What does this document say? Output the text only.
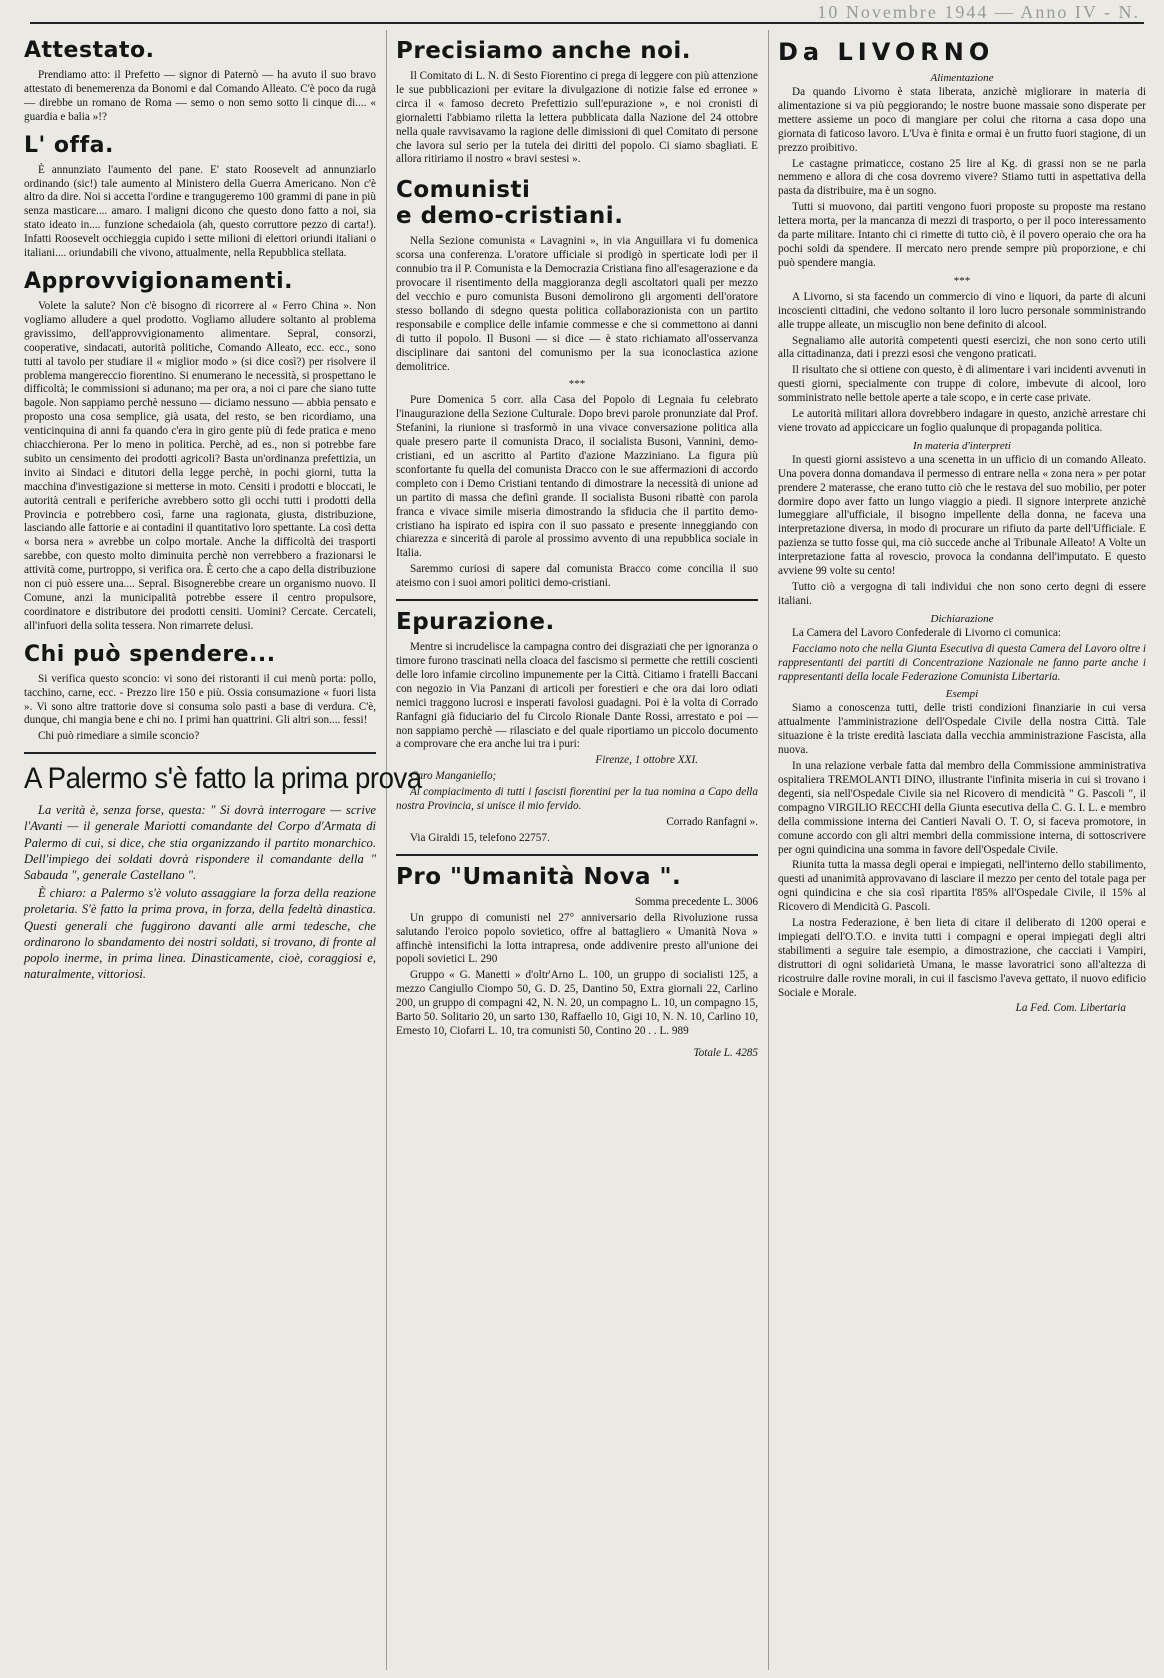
10 Novembre 1944 — Anno IV - N.
Attestato.

Prendiamo atto: il Prefetto — signor di Paternò — ha avuto il suo bravo attestato di benemerenza da Bonomi e dal Comando Alleato. C'è poco da rugà — direbbe un romano de Roma — semo o non semo sotto li cinque di.... « guardia e balia »!?

L' offa.

È annunziato l'aumento del pane. E' stato Roosevelt ad annunziarlo ordinando (sic!) tale aumento al Ministero della Guerra Americano. Non c'è altro da dire. Noi si accetta l'ordine e trangugeremo 100 grammi di pane in più senza masticare.... amaro. I maligni dicono che questo dono fatto a noi, sia stato ideato in.... funzione schedaiola (ah, questo corruttore pezzo di carta!). Infatti Roosevelt occhieggia cupido i sette milioni di elettori oriundi italiani o italiani.... oriundabili che vivono, attualmente, nella Repubblica stellata.

Approvvigionamenti.

Volete la salute? Non c'è bisogno di ricorrere al « Ferro China ». Non vogliamo alludere a quel prodotto. Vogliamo alludere soltanto al problema gravissimo, dell'approvvigionamento alimentare. Sepral, consorzi, cooperative, sindacati, autorità politiche, Comando Alleato, ecc. ecc., sono tutti al tavolo per studiare il « miglior modo » (si dice così?) per risolvere il problema mangereccio fiorentino. Si enumerano le necessità, si prospettano le difficoltà; le commissioni si adunano; ma per ora, a noi ci pare che siano tutte bagole. Non sappiamo perchè nessuno — diciamo nessuno — abbia pensato e proposto una cosa semplice, già usata, del resto, se ben ricordiamo, una venticinquina di anni fa quando c'era in giro gente più di fede pratica e meno chiacchierona. Per lo meno in politica. Perchè, ad es., non si potrebbe fare subito un censimento dei prodotti agricoli? Basta un'ordinanza prefettizia, un invito ai Sindaci e ditutori della legge perchè, in pochi giorni, tutta la macchina d'investigazione si metterse in moto. Censiti i prodotti e bloccati, le autorità centrali e periferiche avrebbero sotto gli occhi tutti i prodotti della Provincia e potrebbero così, farne una ragionata, giusta, distribuzione, lasciando alle fattorie e ai contadini il quantitativo loro spettante. La così detta « borsa nera » avrebbe un colpo mortale. Anche la difficoltà dei trasporti sarebbe, con questo molto diminuita perchè non verrebbero a frazionarsi le attività come, purtroppo, si verifica ora. È certo che a capo della distribuzione non ci può essere una.... Sepral. Bisognerebbe creare un organismo nuovo. Il Comune, anzi la municipalità potrebbe essere il centro propulsore, coordinatore e distributore dei prodotti censiti. Uomini? Cercate. Cercateli, all'infuori della solita tessera. Non rimarrete delusi.

Chi può spendere...

Si verifica questo sconcio: vi sono dei ristoranti il cui menù porta: pollo, tacchino, carne, ecc. - Prezzo lire 150 e più. Ossia consumazione « fuori lista ». Vi sono altre trattorie dove si consuma solo pasti a base di verdura. C'è, dunque, chi mangia bene e chi no. I primi han quattrini. Gli altri son.... fessi!

Chi può rimediare a simile sconcio?

A Palermo s'è fatto la prima prova

La verità è, senza forse, questa: " Si dovrà interrogare — scrive l'Avanti — il generale Mariotti comandante del Corpo d'Armata di Palermo di cui, si dice, che stia organizzando il partito monarchico. Dell'impiego dei soldati dovrà rispondere il comandante della " Sabauda ", generale Castellano ".

È chiaro: a Palermo s'è voluto assaggiare la forza della reazione proletaria. S'è fatto la prima prova, in forza, della fedeltà dinastica. Questi generali che fuggirono davanti alle armi tedesche, che ordinarono lo sbandamento dei nostri soldati, si trovano, di fronte al popolo inerme, in prima linea. Dinasticamente, cioè, coraggiosi e, naturalmente, vittoriosi.

Precisiamo anche noi.

Il Comitato di L. N. di Sesto Fiorentino ci prega di leggere con più attenzione le sue pubblicazioni per evitare la divulgazione di notizie false ed erronee » circa il « famoso decreto Prefettizio sull'epurazione », e noi cronisti di giornaletti l'abbiamo riletta la lettera pubblicata dalla Nazione del 24 ottobre nella quale ravvisavamo la ragione delle dimissioni di quel Comitato di persone che lavora sul serio per la tutela dei diritti del popolo. Ci siamo sbagliati. E allora ritiriamo il nostro « bravi sestesi ».

Comunisti
e demo-cristiani.

Nella Sezione comunista « Lavagnini », in via Anguillara vi fu domenica scorsa una conferenza. L'oratore ufficiale si prodigò in sperticate lodi per il connubio tra il P. Comunista e la Democrazia Cristiana fino all'esagerazione e da provocare il risentimento della maggioranza degli ascoltatori quali per mezzo del vecchio e puro comunista Busoni demolirono gli argomenti dell'oratore stesso bollando di sdegno questa politica collaborazionista con un partito responsabile e complice delle infamie commesse e che si commettono ai danni di tutto il popolo. Il Busoni — si dice — è stato richiamato all'osservanza disciplinare dai santoni del comunismo per la sua iconoclastica azione demolitrice.

***

Pure Domenica 5 corr. alla Casa del Popolo di Legnaia fu celebrato l'inaugurazione della Sezione Culturale. Dopo brevi parole pronunziate dal Prof. Stefanini, la riunione si trasformò in una vivace conversazione politica alla quale presero parte il comunista Draco, il socialista Busoni, Vannini, demo-cristiani, ed un ascritto al Partito d'azione Mazziniano. La figura più sconfortante fu quella del comunista Dracco con le sue affermazioni di accordo completo con i Demo Cristiani tentando di dimostrare la necessità di unione ad un partito di massa che definì grande. Il socialista Busoni ribattè con parola franca e vivace simile miseria dimostrando la sfiducia che il partito demo-cristiano ha ispirato ed ispira con il suo passato e presente inneggiando con chiarezza e sincerità di parole al prossimo avvento di una repubblica sociale in Italia.

Saremmo curiosi di sapere dal comunista Bracco come concilia il suo ateismo con i suoi amori politici demo-cristiani.

Epurazione.

Mentre si incrudelisce la campagna contro dei disgraziati che per ignoranza o timore furono trascinati nella cloaca del fascismo si permette che rettili coscienti delle loro infamie circolino impunemente per la Città. Citiamo i fratelli Baccani con negozio in Via Panzani di articoli per forestieri e che ora dai loro odiati nemici traggono lucrosi e insperati favolosi guadagni. Poi è la volta di Corrado Ranfagni già fiduciario del fu Circolo Rionale Dante Rossi, arrestato e poi — non sappiamo perchè — rilasciato e del quale riportiamo un piccolo documento a comprovare che era anche lui tra i puri:

Firenze, 1 ottobre XXI.

Caro Manganiello;

Al compiacimento di tutti i fascisti fiorentini per la tua nomina a Capo della nostra Provincia, si unisce il mio fervido.

Corrado Ranfagni ».

Via Giraldi 15, telefono 22757.

Pro "Umanità Nova ".

Somma precedente L. 3006

Un gruppo di comunisti nel 27° anniversario della Rivoluzione russa salutando l'eroico popolo sovietico, offre al battagliero « Umanità Nova » affinchè intensifichi la lotta intrapresa, onde addivenire presto all'unione dei popoli sovietici L. 290

Gruppo « G. Manetti » d'oltr'Arno L. 100, un gruppo di socialisti 125, a mezzo Cangiullo Ciompo 50, G. D. 25, Dantino 50, Extra giornali 22, Carlino 200, un gruppo di compagni 42, N. N. 20, un compagno L. 10, un compagno 15, Barto 50. Solitario 20, un sarto 130, Raffaello 10, Gigi 10, N. N. 10, Carlino 10, Ernesto 10, Ciofarri L. 10, tra comunisti 50, Contino 20 . . L. 989

Totale L. 4285

Da LIVORNO
Alimentazione

Da quando Livorno è stata liberata, anzichè migliorare in materia di alimentazione si va più peggiorando; le nostre buone massaie sono disperate per mettere assieme un poco di mangiare per colui che ritorna a casa dopo una giornata di faticoso lavoro. L'Uva è finita e ormai è un frutto fuori stagione, di un prezzo proibitivo.

Le castagne primaticce, costano 25 lire al Kg. di grassi non se ne parla nemmeno e allora di che cosa dovremo vivere? Stiamo tutti in aspettativa della pasta da distribuire, ma è un sogno.

Tutti si muovono, dai partiti vengono fuori proposte su proposte ma restano lettera morta, per la mancanza di mezzi di trasporto, o per il poco interessamento da parte militare. Intanto chi ci rimette di tutto ciò, è il povero operaio che ora ha pochi soldi da spendere. Il mercato nero prende sempre più proporzione, e chi può spendere mangia.

***

A Livorno, si sta facendo un commercio di vino e liquori, da parte di alcuni incoscienti cittadini, che vedono soltanto il loro lucro personale somministrando alle truppe alleate, un miscuglio non bene definito di alcool.

Segnaliamo alle autorità competenti questi esercizi, che non sono certo utili alla cittadinanza, dati i prezzi esosi che vengono praticati.

Il risultato che si ottiene con questo, è di alimentare i vari incidenti avvenuti in questi giorni, specialmente con truppe di colore, imbevute di alcool, loro somministrato nelle bettole aperte a tale scopo, e in certe case private.

Le autorità militari allora dovrebbero indagare in questo, anzichè arrestare chi viene trovato ad appiccicare un foglio qualunque di propaganda politica.

In materia d'interpreti

In questi giorni assistevo a una scenetta in un ufficio di un comando Alleato. Una povera donna domandava il permesso di entrare nella « zona nera » per potar prendere 2 materasse, che erano tutto ciò che le restava del suo mobilio, per poter dormire dopo aver fatto un lungo viaggio a piedi. Il signore interprete anzichè lumeggiare all'ufficiale, il bisogno impellente della donna, ne faceva una interpretazione diversa, in modo di procurare un rifiuto da parte dell'Ufficiale. E pazienza se tutto fosse qui, ma ciò succede anche al Tribunale Alleato! A Volte un interpretazione fatta al rovescio, provoca la condanna dell'imputato. E questo avviene 99 volte su cento!

Tutto ciò a vergogna di tali individui che non sono certo degni di essere italiani.

Dichiarazione

La Camera del Lavoro Confederale di Livorno ci comunica:

Facciamo noto che nella Giunta Esecutiva di questa Camera del Lavoro oltre i rappresentanti dei partiti di Concentrazione Nazionale ne fanno parte anche i rappresentanti della locale Federazione Comunista Libertaria.

Esempi

Siamo a conoscenza tutti, delle tristi condizioni finanziarie in cui versa attualmente l'amministrazione dell'Ospedale Civile della nostra Città. Tale situazione è la triste eredità lasciata dalla vecchia amministrazione Fascista, alla nuova.

In una relazione verbale fatta dal membro della Commissione amministrativa ospitaliera TREMOLANTI DINO, illustrante l'infinita miseria in cui si trovano i degenti, sia nell'Ospedale Civile sia nel Ricovero di mendicità " G. Pascoli ", il compagno VIRGILIO RECCHI della Giunta esecutiva della C. G. I. L. e membro della commissione interna dei Cantieri Navali O. T. O, si faceva promotore, in comune accordo con gli altri membri della commissione interna, di sottoscrivere per ogni quindicina una somma in favore dell'Ospedale Civile.

Riunita tutta la massa degli operai e impiegati, nell'interno dello stabilimento, questi ad unanimità approvavano di lasciare il mezzo per cento del totale paga per ogni quindicina e che sia così ripartita l'85% all'Ospedale Civile, il 15% al Ricovero di Mendicità G. Pascoli.

La nostra Federazione, è ben lieta di citare il deliberato di 1200 operai e impiegati dell'O.T.O. e invita tutti i compagni e operai impiegati degli altri stabilimenti a seguire tale esempio, a dimostrazione, che cacciati i Vampiri, distruttori di ogni solidarietà Umana, le masse lavoratrici sono all'altezza di ricostruire dalle rovine morali, in cui il fascismo l'aveva gettato, il nuovo edificio Sociale e Morale.

La Fed. Com. Libertaria
